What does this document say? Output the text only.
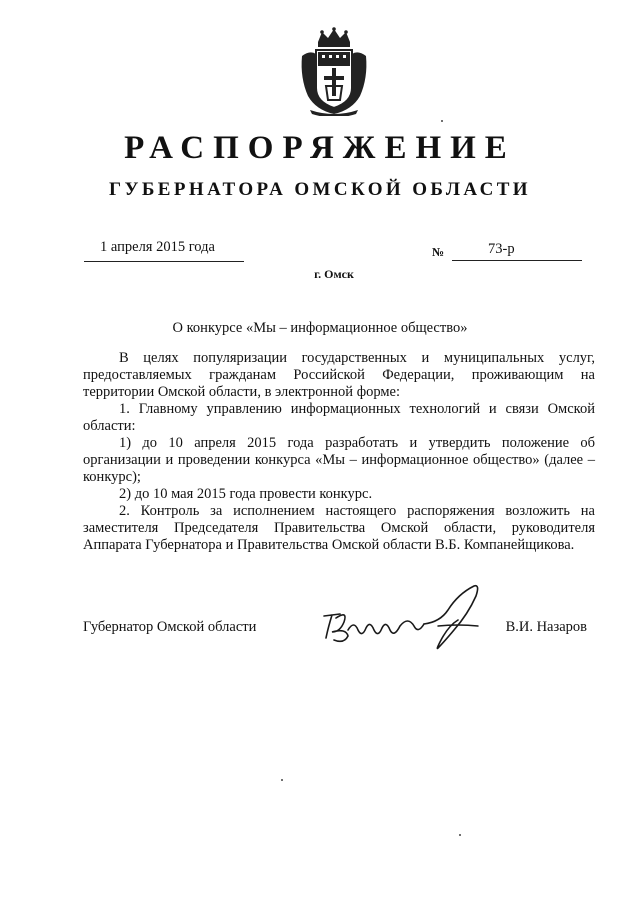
РАСПОРЯЖЕНИЕ
ГУБЕРНАТОРА ОМСКОЙ ОБЛАСТИ
1 апреля 2015 года	№	73-р
г. Омск
О конкурсе «Мы – информационное общество»

В целях популяризации государственных и муниципальных услуг, предоставляемых гражданам Российской Федерации, проживающим на территории Омской области, в электронной форме:

1. Главному управлению информационных технологий и связи Омской области:

1) до 10 апреля 2015 года разработать и утвердить положение об организации и проведении конкурса «Мы – информационное общество» (далее – конкурс);

2) до 10 мая 2015 года провести конкурс.

2. Контроль за исполнением настоящего распоряжения возложить на заместителя Председателя Правительства Омской области, руководителя Аппарата Губернатора и Правительства Омской области В.Б. Компанейщикова.

Губернатор Омской области	В.И. Назаров
